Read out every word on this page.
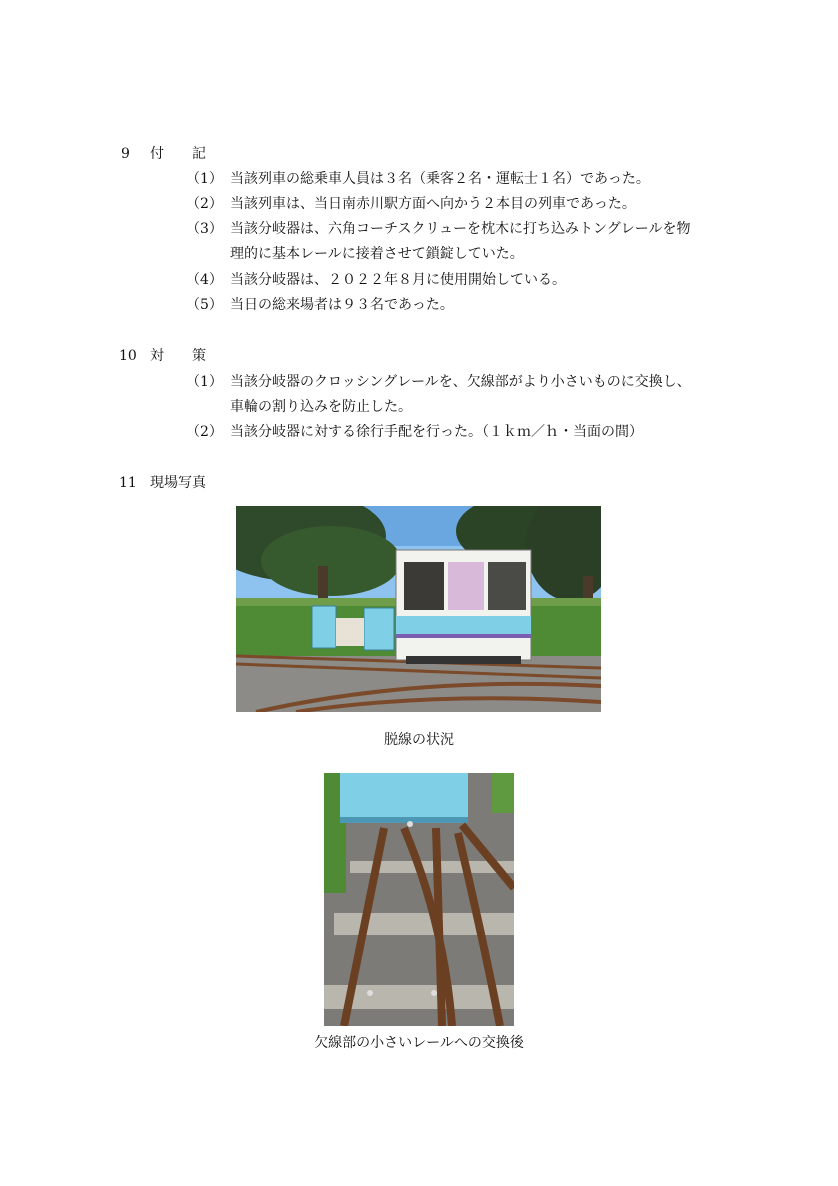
9 付　　記
（1） 当該列車の総乗車人員は３名（乗客２名・運転士１名）であった。
（2） 当該列車は、当日南赤川駅方面へ向かう２本目の列車であった。
（3） 当該分岐器は、六角コーチスクリューを枕木に打ち込みトングレールを物
理的に基本レールに接着させて鎖錠していた。
（4） 当該分岐器は、２０２２年８月に使用開始している。
（5） 当日の総来場者は９３名であった。
10 対　　策
（1） 当該分岐器のクロッシングレールを、欠線部がより小さいものに交換し、
車輪の割り込みを防止した。
（2） 当該分岐器に対する徐行手配を行った。（１ｋｍ／ｈ・当面の間）
11 現場写真
脱線の状況
欠線部の小さいレールへの交換後
